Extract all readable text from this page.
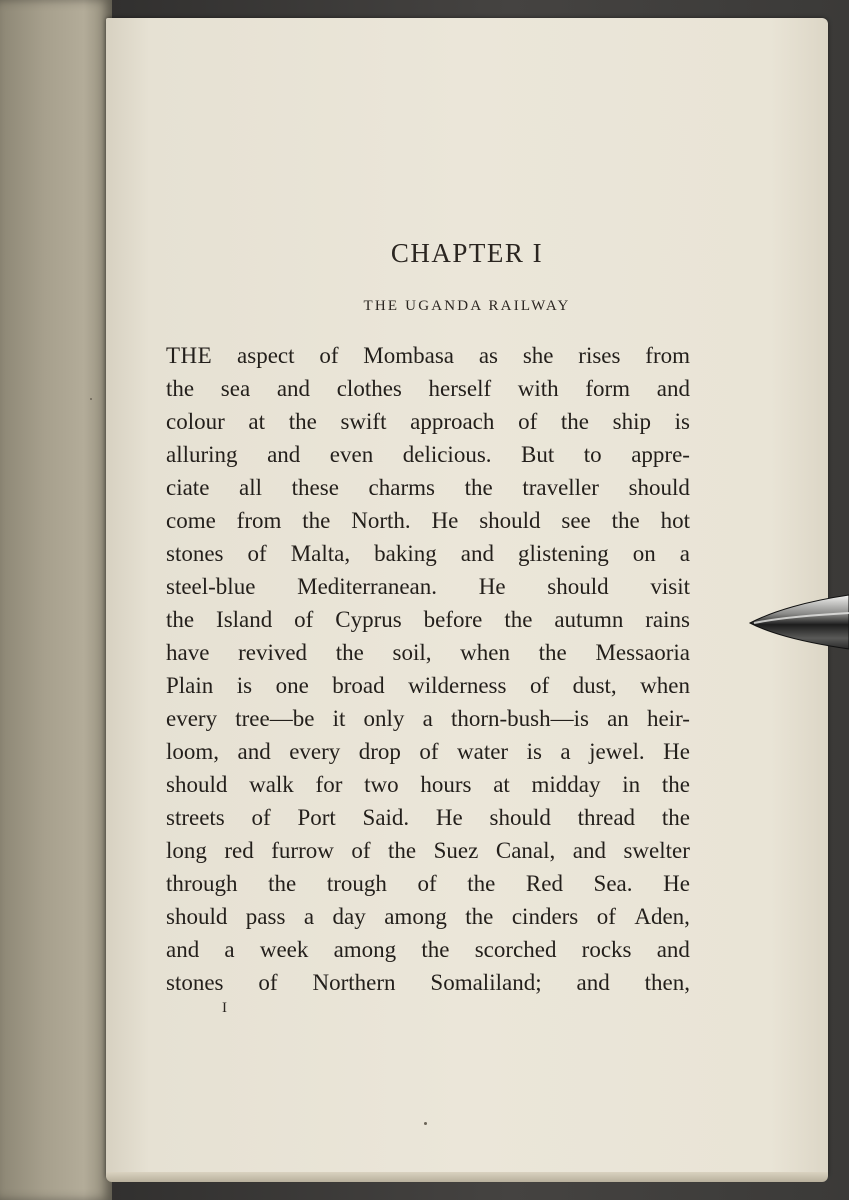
CHAPTER I
THE UGANDA RAILWAY
THE aspect of Mombasa as she rises from
the sea and clothes herself with form and
colour at the swift approach of the ship is
alluring and even delicious. But to appre-
ciate all these charms the traveller should
come from the North. He should see the hot
stones of Malta, baking and glistening on a
steel-blue Mediterranean. He should visit
the Island of Cyprus before the autumn rains
have revived the soil, when the Messaoria
Plain is one broad wilderness of dust, when
every tree—be it only a thorn-bush—is an heir-
loom, and every drop of water is a jewel. He
should walk for two hours at midday in the
streets of Port Said. He should thread the
long red furrow of the Suez Canal, and swelter
through the trough of the Red Sea. He
should pass a day among the cinders of Aden,
and a week among the scorched rocks and
stones of Northern Somaliland; and then,
I
